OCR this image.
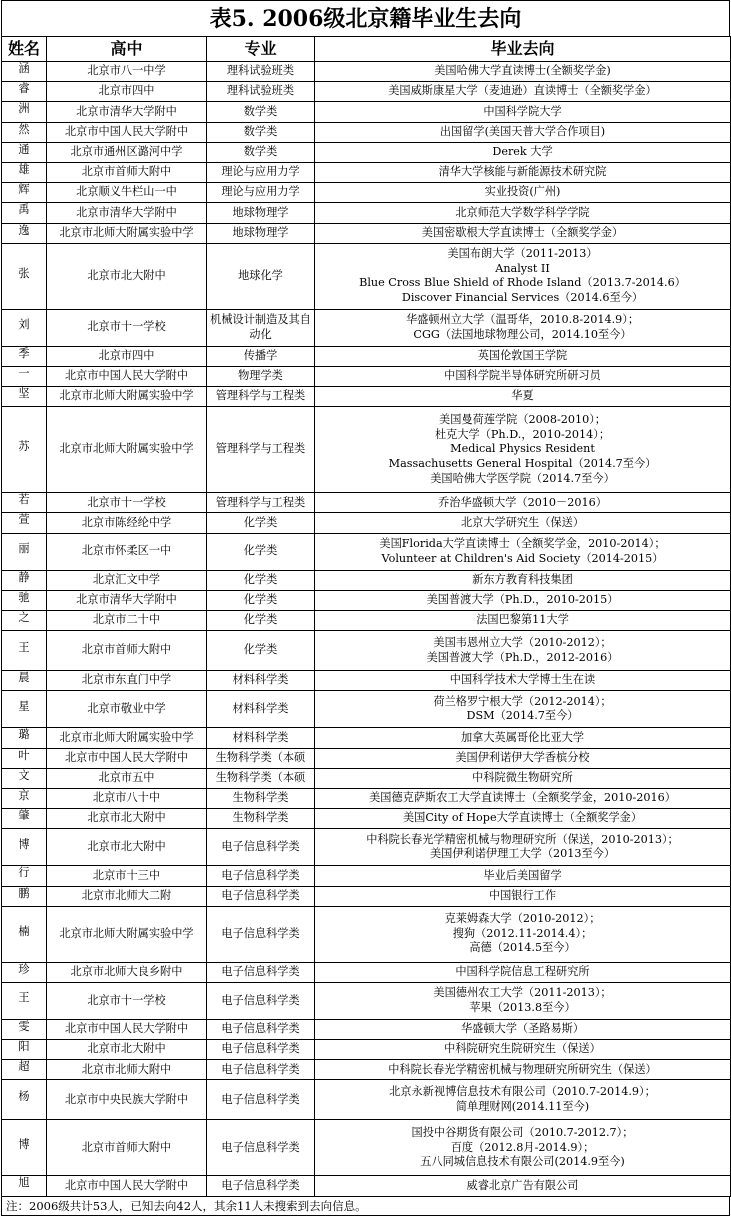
表5. 2006级北京籍毕业生去向
姓名	高中	专业	毕业去向
涵	北京市八一中学	理科试验班类	美国哈佛大学直读博士(全额奖学金)

睿	北京市四中	理科试验班类	美国威斯康星大学（麦迪逊）直读博士（全额奖学金）

洲	北京市清华大学附中	数学类	中国科学院大学

然	北京市中国人民大学附中	数学类	出国留学(美国天普大学合作项目)

通	北京市通州区潞河中学	数学类	Derek 大学

雄	北京市首师大附中	理论与应用力学	清华大学核能与新能源技术研究院

辉	北京顺义牛栏山一中	理论与应用力学	实业投资(广州)

禹	北京市清华大学附中	地球物理学	北京师范大学数学科学学院

逸	北京市北师大附属实验中学	地球物理学	美国密歇根大学直读博士（全额奖学金）

张	北京市北大附中	地球化学	美国布朗大学（2011-2013）
Analyst II
Blue Cross Blue Shield of Rhode Island（2013.7-2014.6）
Discover Financial Services（2014.6至今）

刘	北京市十一学校	机械设计制造及其自动化	华盛顿州立大学（温哥华，2010.8-2014.9）；
CGG（法国地球物理公司，2014.10至今）

季	北京市四中	传播学	英国伦敦国王学院

一	北京市中国人民大学附中	物理学类	中国科学院半导体研究所研习员

坚	北京市北师大附属实验中学	管理科学与工程类	华夏

苏	北京市北师大附属实验中学	管理科学与工程类	美国曼荷莲学院（2008-2010）；
杜克大学（Ph.D.，2010-2014）；
Medical Physics Resident
Massachusetts General Hospital（2014.7至今）
美国哈佛大学医学院（2014.7至今）

若	北京市十一学校	管理科学与工程类	乔治华盛顿大学（2010－2016）

萱	北京市陈经纶中学	化学类	北京大学研究生（保送）

丽	北京市怀柔区一中	化学类	美国Florida大学直读博士（全额奖学金，2010-2014）；
Volunteer at Children's Aid Society（2014-2015）

静	北京汇文中学	化学类	新东方教育科技集团

驰	北京市清华大学附中	化学类	美国普渡大学（Ph.D.，2010-2015）

之	北京市二十中	化学类	法国巴黎第11大学

王	北京市首师大附中	化学类	美国韦恩州立大学（2010-2012）；
美国普渡大学（Ph.D.，2012-2016）

晨	北京市东直门中学	材料科学类	中国科学技术大学博士生在读

星	北京市敬业中学	材料科学类	荷兰格罗宁根大学（2012-2014）；
DSM（2014.7至今）

璐	北京市北师大附属实验中学	材料科学类	加拿大英属哥伦比亚大学

叶	北京市中国人民大学附中	生物科学类（本硕	美国伊利诺伊大学香槟分校

文	北京市五中	生物科学类（本硕	中科院微生物研究所

京	北京市八十中	生物科学类	美国德克萨斯农工大学直读博士（全额奖学金，2010-2016）

肇	北京市北大附中	生物科学类	美国City of Hope大学直读博士（全额奖学金）

博	北京市北大附中	电子信息科学类	中科院长春光学精密机械与物理研究所（保送，2010-2013）；
美国伊利诺伊理工大学（2013至今）

行	北京市十三中	电子信息科学类	毕业后美国留学

鹏	北京市北师大二附	电子信息科学类	中国银行工作

楠	北京市北师大附属实验中学	电子信息科学类	克莱姆森大学（2010-2012）；
搜狗（2012.11-2014.4）；
高德（2014.5至今）

珍	北京市北师大良乡附中	电子信息科学类	中国科学院信息工程研究所

王	北京市十一学校	电子信息科学类	美国德州农工大学（2011-2013）；
苹果（2013.8至今）

雯	北京市中国人民大学附中	电子信息科学类	华盛顿大学（圣路易斯）

阳	北京市北大附中	电子信息科学类	中科院研究生院研究生（保送）

超	北京市北师大附中	电子信息科学类	中科院长春光学精密机械与物理研究所研究生（保送）

杨	北京市中央民族大学附中	电子信息科学类	北京永新视博信息技术有限公司（2010.7-2014.9）；
简单理财网(2014.11至今)

博	北京市首师大附中	电子信息科学类	国投中谷期货有限公司（2010.7-2012.7）；
百度（2012.8月-2014.9）；
五八同城信息技术有限公司(2014.9至今)

旭	北京市中国人民大学附中	电子信息科学类	威睿北京广告有限公司
注：2006级共计53人，已知去向42人，其余11人未搜索到去向信息。
